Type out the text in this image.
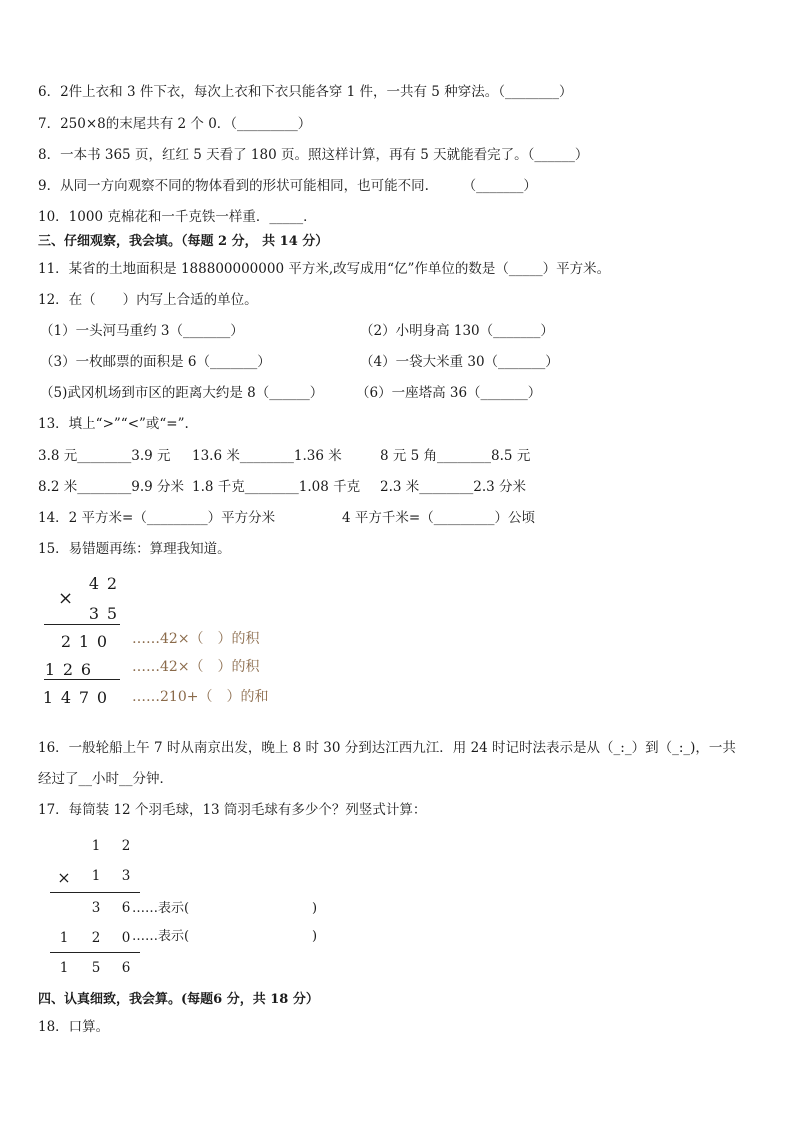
6．2件上衣和 3 件下衣，每次上衣和下衣只能各穿 1 件，一共有 5 种穿法。（________）
7．250×8的末尾共有 2 个 0．（_________）
8．一本书 365 页，红红 5 天看了 180 页。照这样计算，再有 5 天就能看完了。（______）
9．从同一方向观察不同的物体看到的形状可能相同，也可能不同.　　　（_______）
10．1000 克棉花和一千克铁一样重．_____．
三、仔细观察，我会填。（每题 2 分， 共 14 分）
11．某省的土地面积是 188800000000 平方米,改写成用“亿”作单位的数是（_____）平方米。
12．在（　　）内写上合适的单位。
（1）一头河马重约 3（_______）	（2）小明身高 130（_______）
（3）一枚邮票的面积是 6（_______）	（4）一袋大米重 30（_______）
（5)武冈机场到市区的距离大约是 8（______） （6）一座塔高 36（_______）
13．填上“>”“<”或“=”.
3.8 元________3.9 元 13.6 米________1.36 米	8 元 5 角________8.5 元
8.2 米________9.9 分米 1.8 千克________1.08 千克 2.3 米________2.3 分米
14．2 平方米=（_________）平方分米	4 平方千米=（_________）公顷
15．易错题再练：算理我知道。
×
4 2
3 5
2 1 0	……42×（　）的积
1 2 6	……42×（　）的积
1 4 7 0	……210+（　）的和
16．一般轮船上午 7 时从南京出发，晚上 8 时 30 分到达江西九江．用 24 时记时法表示是从（_:_）到（_:_)，一共
经过了__小时__分钟．
17．每筒装 12 个羽毛球，13 筒羽毛球有多少个？列竖式计算：
1 2
× 1 3
3 6 ……表示(	)
1 2 0 ……表示(	)
1 5 6
四、认真细致，我会算。(每题6 分，共 18 分）
18．口算。
